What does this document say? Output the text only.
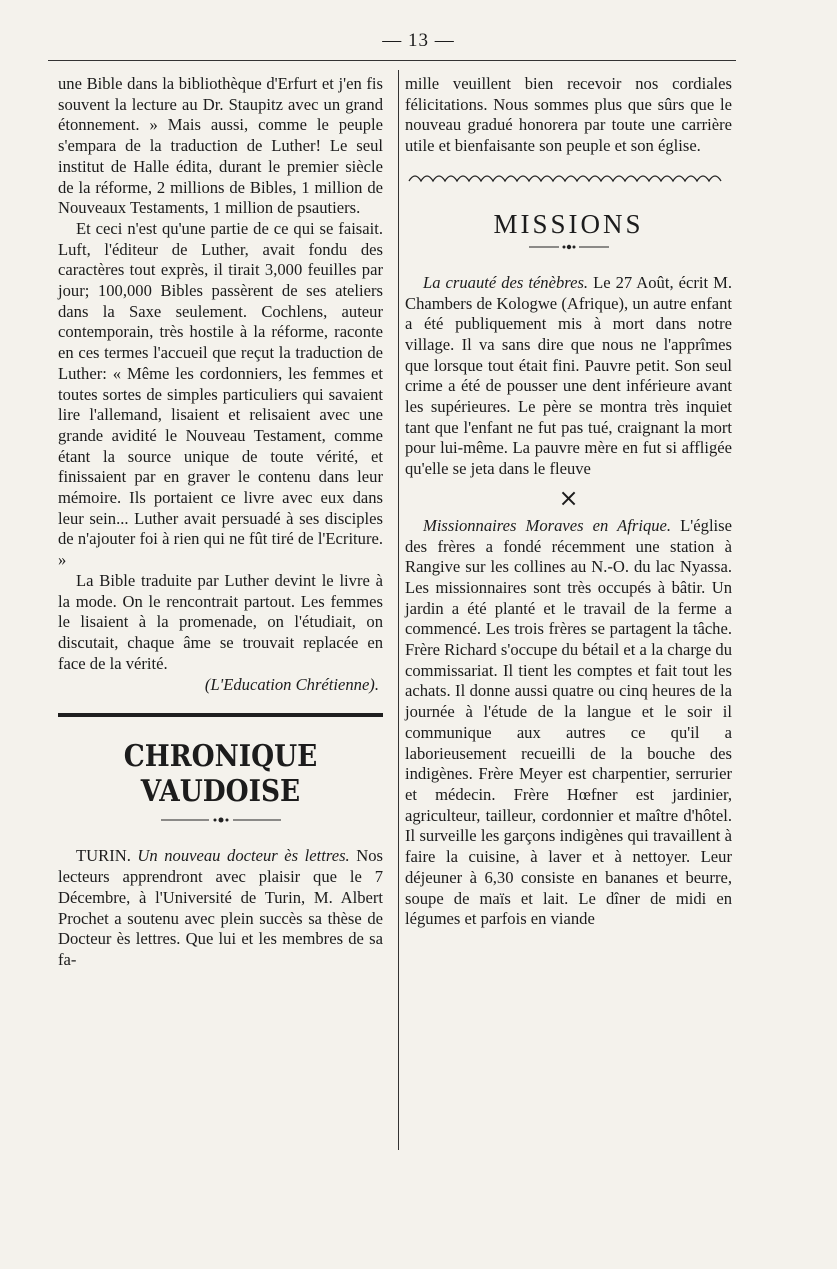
— 13 —

une Bible dans la bibliothèque d'Erfurt et j'en fis souvent la lecture au Dr. Staupitz avec un grand étonnement. » Mais aussi, comme le peuple s'empara de la traduction de Luther! Le seul institut de Halle édita, durant le premier siècle de la réforme, 2 millions de Bibles, 1 million de Nouveaux Testaments, 1 million de psautiers.

Et ceci n'est qu'une partie de ce qui se faisait. Luft, l'éditeur de Luther, avait fondu des caractères tout exprès, il tirait 3,000 feuilles par jour; 100,000 Bibles passèrent de ses ateliers dans la Saxe seulement. Cochlens, auteur contemporain, très hostile à la réforme, raconte en ces termes l'accueil que reçut la traduction de Luther: « Même les cordonniers, les femmes et toutes sortes de simples particuliers qui savaient lire l'allemand, lisaient et relisaient avec une grande avidité le Nouveau Testament, comme étant la source unique de toute vérité, et finissaient par en graver le contenu dans leur mémoire. Ils portaient ce livre avec eux dans leur sein... Luther avait persuadé à ses disciples de n'ajouter foi à rien qui ne fût tiré de l'Ecriture. »

La Bible traduite par Luther devint le livre à la mode. On le rencontrait partout. Les femmes le lisaient à la promenade, on l'étudiait, on discutait, chaque âme se trouvait replacée en face de la vérité.

(L'Education Chrétienne).
CHRONIQUE VAUDOISE

TURIN. Un nouveau docteur ès lettres. Nos lecteurs apprendront avec plaisir que le 7 Décembre, à l'Université de Turin, M. Albert Prochet a soutenu avec plein succès sa thèse de Docteur ès lettres. Que lui et les membres de sa fa-

mille veuillent bien recevoir nos cordiales félicitations. Nous sommes plus que sûrs que le nouveau gradué honorera par toute une carrière utile et bienfaisante son peuple et son église.

MISSIONS

La cruauté des ténèbres. Le 27 Août, écrit M. Chambers de Kologwe (Afrique), un autre enfant a été publiquement mis à mort dans notre village. Il va sans dire que nous ne l'apprîmes que lorsque tout était fini. Pauvre petit. Son seul crime a été de pousser une dent inférieure avant les supérieures. Le père se montra très inquiet tant que l'enfant ne fut pas tué, craignant la mort pour lui-même. La pauvre mère en fut si affligée qu'elle se jeta dans le fleuve

×

Missionnaires Moraves en Afrique. L'église des frères a fondé récemment une station à Rangive sur les collines au N.-O. du lac Nyassa. Les missionnaires sont très occupés à bâtir. Un jardin a été planté et le travail de la ferme a commencé. Les trois frères se partagent la tâche. Frère Richard s'occupe du bétail et a la charge du commissariat. Il tient les comptes et fait tout les achats. Il donne aussi quatre ou cinq heures de la journée à l'étude de la langue et le soir il communique aux autres ce qu'il a laborieusement recueilli de la bouche des indigènes. Frère Meyer est charpentier, serrurier et médecin. Frère Hœfner est jardinier, agriculteur, tailleur, cordonnier et maître d'hôtel. Il surveille les garçons indigènes qui travaillent à faire la cuisine, à laver et à nettoyer. Leur déjeuner à 6,30 consiste en bananes et beurre, soupe de maïs et lait. Le dîner de midi en légumes et parfois en viande
